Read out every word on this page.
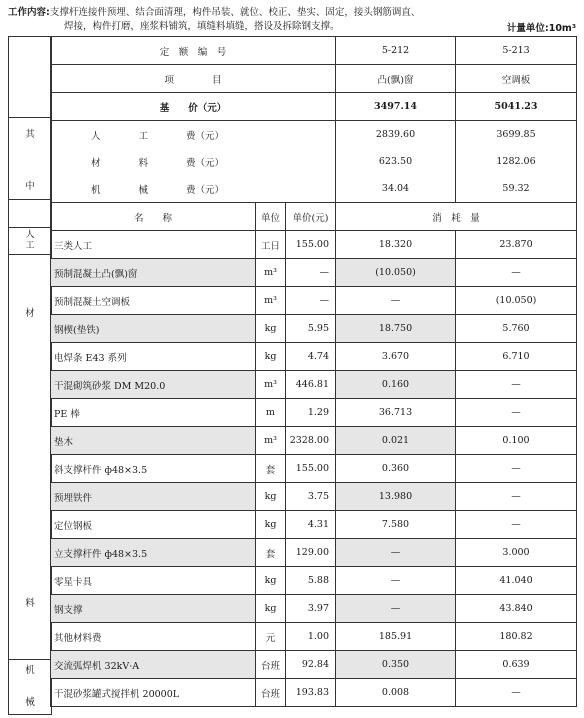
工作内容:支撑杆连接件预埋、结合面清理，构件吊装、就位、校正、垫实、固定，接头钢筋调直、
焊接，构件打磨，座浆料铺筑，填缝料填缝，搭设及拆除钢支撑。	计量单位:10m³
其
中
人工
材
料
机
械
定　额　编　号			5-212	5-213
项　　　　目			凸(飘)窗	空调板
基　　价（元）			3497.14	5041.23
人　　　　工　　　　费（元）			2839.60	3699.85
材　　　　料　　　　费（元）			623.50	1282.06
机　　　　械　　　　费（元）			34.04	59.32
名　　称	单位	单价(元)	消　耗　量	
三类人工	工日	155.00	18.320	23.870
预制混凝土凸(飘)窗	m³	—	(10.050)	—
预制混凝土空调板	m³	—	—	(10.050)
钢楔(垫铁)	kg	5.95	18.750	5.760
电焊条 E43 系列	kg	4.74	3.670	6.710
干混砌筑砂浆 DM M20.0	m³	446.81	0.160	—
PE 棒	m	1.29	36.713	—
垫木	m³	2328.00	0.021	0.100
斜支撑杆件 ф48×3.5	套	155.00	0.360	—
预埋铁件	kg	3.75	13.980	—
定位钢板	kg	4.31	7.580	—
立支撑杆件 ф48×3.5	套	129.00	—	3.000
零星卡具	kg	5.88	—	41.040
钢支撑	kg	3.97	—	43.840
其他材料费	元	1.00	185.91	180.82
交流弧焊机 32kV·A	台班	92.84	0.350	0.639
干混砂浆罐式搅拌机 20000L	台班	193.83	0.008	—
